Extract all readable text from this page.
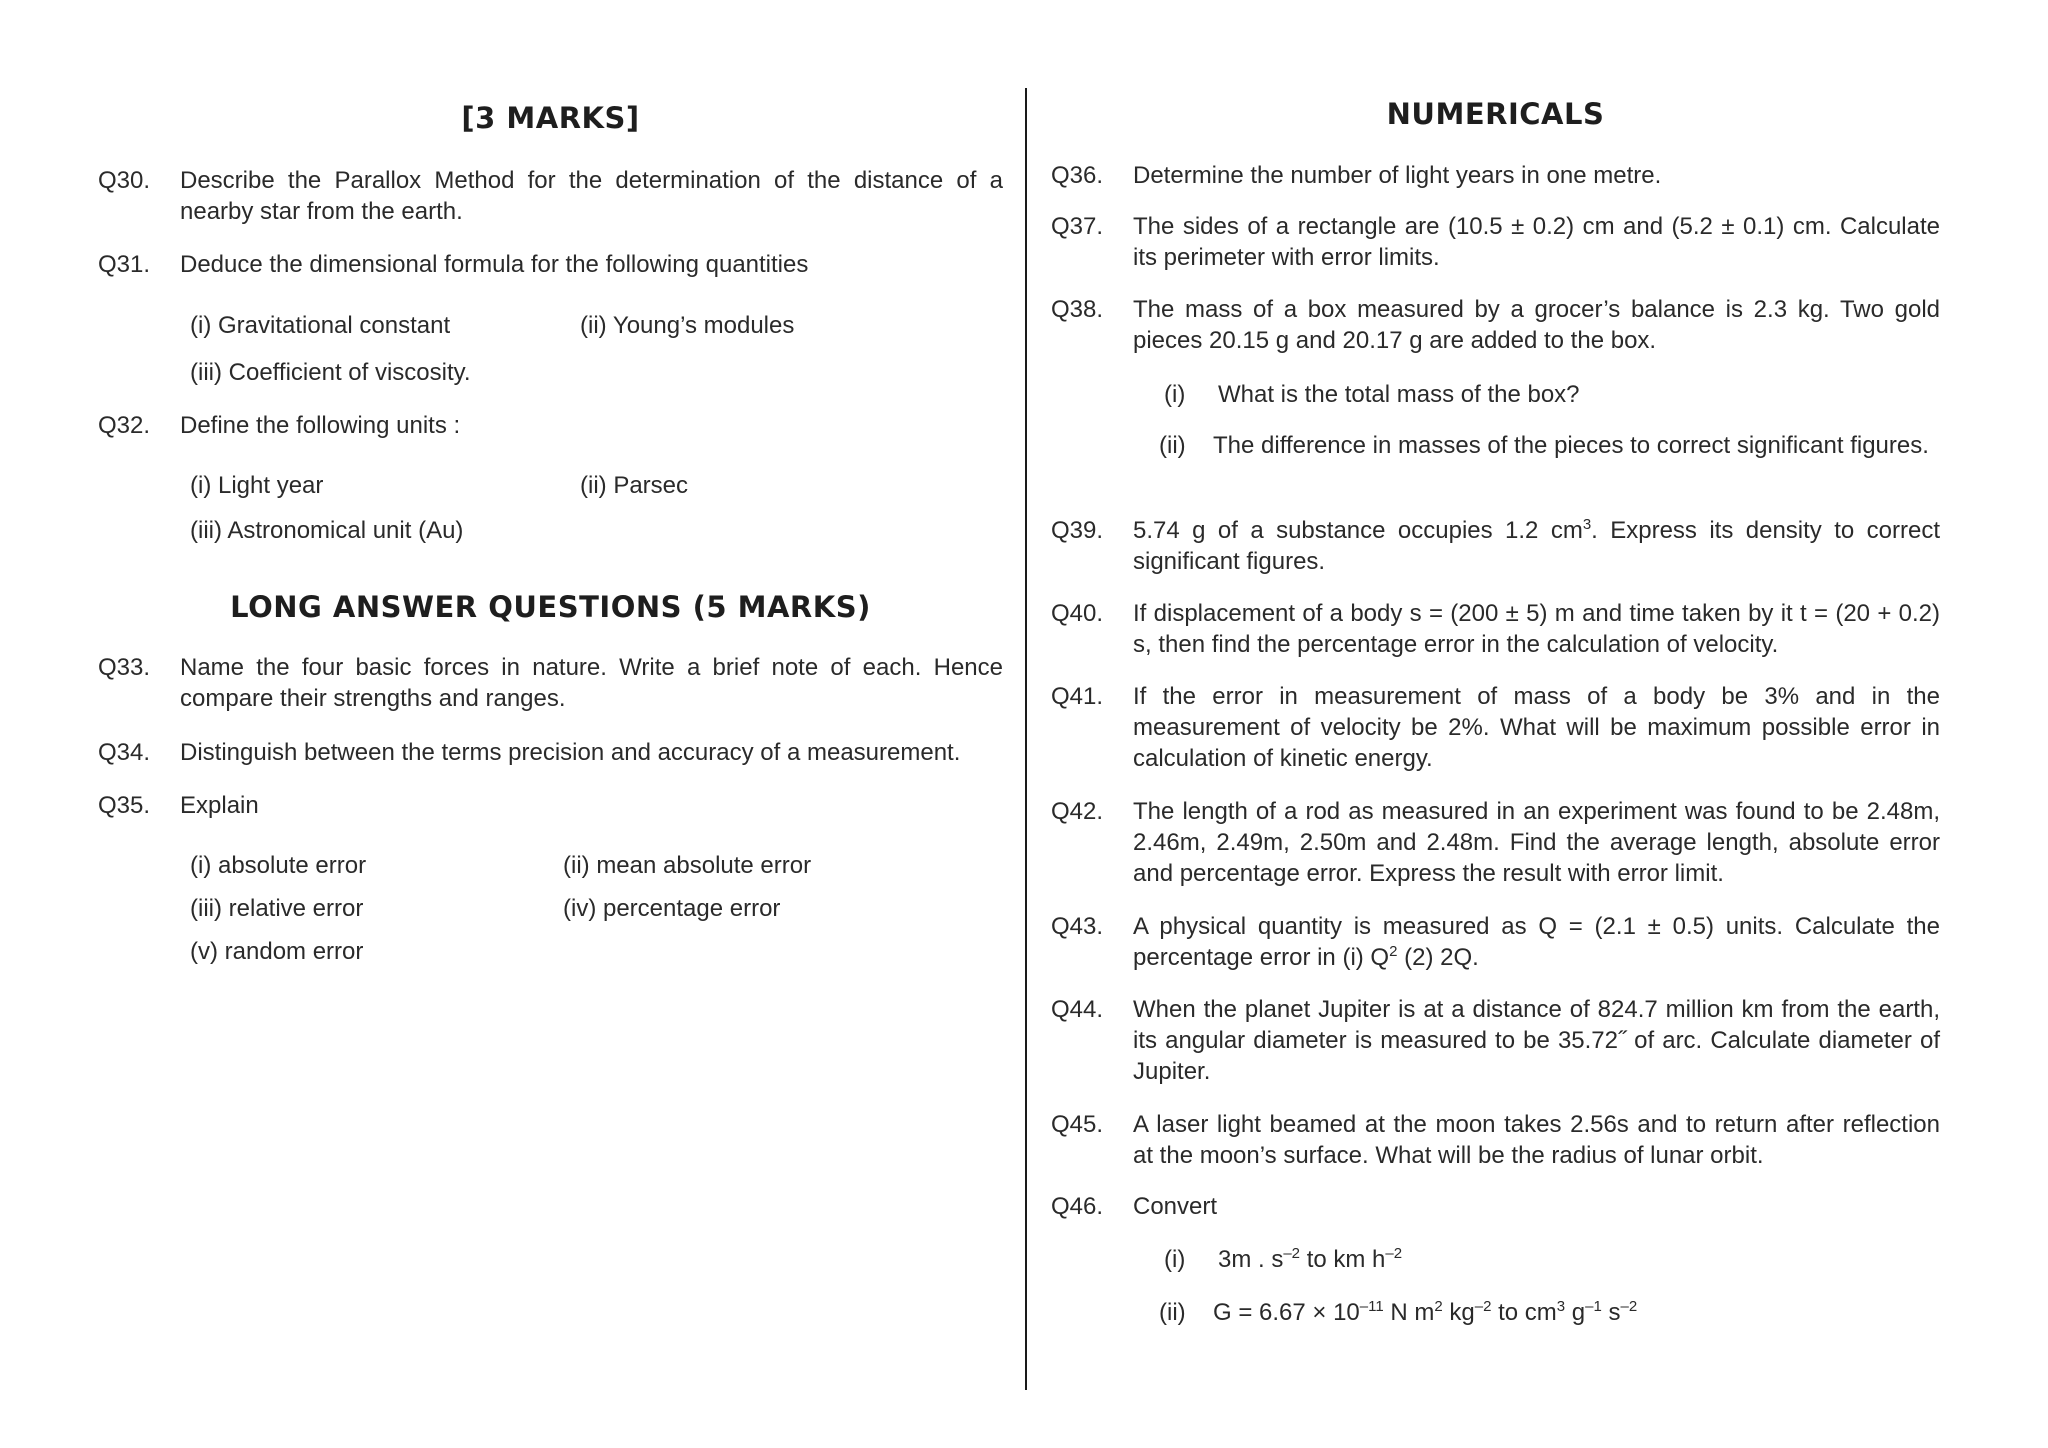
[3 MARKS]
Q30. Describe the Parallox Method for the determination of the distance of a nearby star from the earth.
Q31. Deduce the dimensional formula for the following quantities
(i) Gravitational constant	(ii) Young’s modules
(iii) Coefficient of viscosity.
Q32. Define the following units :
(i) Light year	(ii) Parsec
(iii) Astronomical unit (Au)
LONG ANSWER QUESTIONS (5 MARKS)
Q33. Name the four basic forces in nature. Write a brief note of each. Hence compare their strengths and ranges.
Q34. Distinguish between the terms precision and accuracy of a measurement.
Q35. Explain
(i) absolute error	(ii) mean absolute error
(iii) relative error	(iv) percentage error
(v) random error
NUMERICALS
Q36. Determine the number of light years in one metre.
Q37. The sides of a rectangle are (10.5 ± 0.2) cm and (5.2 ± 0.1) cm. Calculate its perimeter with error limits.
Q38. The mass of a box measured by a grocer’s balance is 2.3 kg. Two gold pieces 20.15 g and 20.17 g are added to the box.
(i) What is the total mass of the box?
(ii) The difference in masses of the pieces to correct significant figures.
Q39. 5.74 g of a substance occupies 1.2 $cm^3$. Express its density to correct significant figures.
Q40. If displacement of a body s = (200 ± 5) m and time taken by it t = (20 + 0.2) s, then find the percentage error in the calculation of velocity.
Q41. If the error in measurement of mass of a body be 3% and in the measurement of velocity be 2%. What will be maximum possible error in calculation of kinetic energy.
Q42. The length of a rod as measured in an experiment was found to be 2.48m, 2.46m, 2.49m, 2.50m and 2.48m. Find the average length, absolute error and percentage error. Express the result with error limit.
Q43. A physical quantity is measured as Q = (2.1 ± 0.5) units. Calculate the percentage error in (i) $Q^2$ (2) 2Q.
Q44. When the planet Jupiter is at a distance of 824.7 million km from the earth, its angular diameter is measured to be 35.72˝ of arc. Calculate diameter of Jupiter.
Q45. A laser light beamed at the moon takes 2.56s and to return after reflection at the moon’s surface. What will be the radius of lunar orbit.
Q46. Convert
(i) 3m . $s^{-2}$ to km $h^{-2}$
(ii) $G = 6.67 \times 10^{-11}$ N $m^2$ $kg^{-2}$ to $cm^3$ $g^{-1}$ $s^{-2}$
